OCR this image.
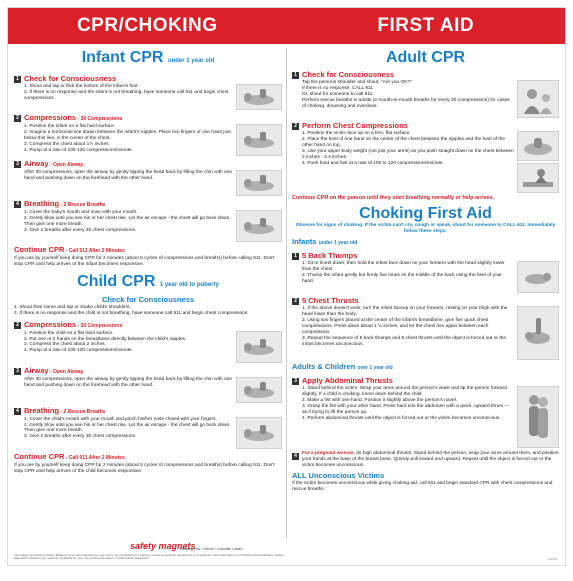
CPR/CHOKING	FIRST AID
Infant CPR under 1 year old
1 Check for Consciousness
1. Shout and tap or flick the bottom of the infant's foot.
2. If there is no response and the infant is not breathing, have someone call 911 and begin chest compressions.
2 Compressions - 30 Compressions
1. Position the infant on a flat hard surface.
2. Imagine a horizontal line drawn between the infant's nipples. Place two fingers of one hand just below this line, in the center of the chest.
3. Compress the chest about 1½ inches.
4. Pump at a rate of 100-120 compressions/minute.
3 Airway - Open Airway
After 30 compressions, open the airway by gently tipping the head back by lifting the chin with one hand and pushing down on the forehead with the other hand.
4 Breathing - 2 Rescue Breaths
1. Cover the baby's mouth and nose with your mouth.
2. Gently blow until you see his or her chest rise. Let the air escape - the chest will go back down. Then give one more breath.
3. Give 2 breaths after every 30 chest compressions.
Continue CPR - Call 911 After 2 Minutes
If you are by yourself keep doing CPR for 2 minutes (about 5 cycles of compressions and breaths) before calling 911. Don't stop CPR until help arrives or the infant becomes responsive.
Child CPR 1 year old to puberty
Check for Consciousness
1. Shout their name and tap or shake child's shoulders.
2. If there is no response and the child is not breathing, have someone call 911 and begin chest compressions.
2 Compressions - 30 Compressions
1. Position the child on a flat hard surface.
2. Put one or 2 hands on the breastbone directly between the child's nipples.
3. Compress the chest about 2 inches.
4. Pump at a rate of 100-120 compressions/minute.
3 Airway - Open Airway
After 30 compressions, open the airway by gently tipping the head back by lifting the chin with one hand and pushing down on the forehead with the other hand.
4 Breathing - 2 Rescue Breaths
1. Cover the child's mouth with your mouth and pinch his/her nose closed with your fingers.
2. Gently blow until you see his or her chest rise. Let the air escape - the chest will go back down. Then give one more breath.
3. Give 2 breaths after every 30 chest compressions.
Continue CPR - Call 911 After 2 Minutes
If you are by yourself keep doing CPR for 2 minutes (about 5 cycles of compressions and breaths) before calling 911. Don't stop CPR until help arrives or the child becomes responsive.
safety magnets
Helping you • inform • educate • warn
Information provided on Safety Magnets is for informational use only and is not a substitute for training. Contact a local fire department or hospital for more information on CPR/First Aid certification. Safety Magnets® disclaims any warranty or liability for your use of this information. © 2020 Safety Magnets®
Adult CPR
1 Check for Consciousness
Tap the persons shoulder and shout, "Are you OK?"
If there is no response, CALL 911
Or, shout for someone to call 911.
Perform rescue breaths in adults (2-mouth-to-mouth breaths for every 30 compressions) for cases of choking, drowning and overdose.
2 Perform Chest Compressions
1. Position the victim face up on a firm, flat surface.
2. Place the heel of one hand on the center of the chest between the nipples and the heel of the other hand on top.
3. Use your upper body weight (not just your arms) as you push straight down on the chest between 2 inches - 2.4 inches.
4. Push hard and fast at a rate of 100 to 120 compressions/minute.
Continue CPR on the person until they start breathing normally or help arrives.
Choking First Aid
Observe for signs of choking. If the victim can't cry, cough or speak, shout for someone to CALL 911. Immediately follow these steps:
Infants under 1 year old
1 5 Back Thumps
1. Sit or kneel down, then hold the infant face down on your forearm with the head slightly lower than the chest.
2. Thump the infant gently but firmly five times on the middle of the back using the heel of your hand.
2 5 Chest Thrusts
1. If the above doesn't work, turn the infant faceup on your forearm, resting on your thigh with the head lower than the body.
2. Using two fingers placed at the center of the infant's breastbone, give five quick chest compressions. Press down about 1 ½ inches, and let the chest rise again between each compression.
3. Repeat the sequence of 5 back thumps and 5 chest thrusts until the object is forced out or the infant becomes unconscious.
Adults & Children over 1 year old
3 Apply Abdominal Thrusts
1. Stand behind the victim. Wrap your arms around the person's waist and tip the person forward slightly. If a child is choking, kneel down behind the child.
2. Make a fist with one hand. Position it slightly above the person's navel.
3. Grasp the fist with your other hand. Press hard into the abdomen with a quick, upward thrust — as if trying to lift the person up.
4. Perform abdominal thrusts until the object is forced out or the victim becomes unconscious.
4	For a pregnant woman, do high abdominal thrusts: Stand behind the person, wrap your arms around them, and position your hands at the base of the breast bone. Quickly pull inward and upward. Repeat until the object is forced out or the victim becomes unconscious.
ALL Unconscious Victims
If the victim becomes unconscious while giving choking aid, call 911 and begin standard CPR with chest compressions and rescue breaths.
s-0424
